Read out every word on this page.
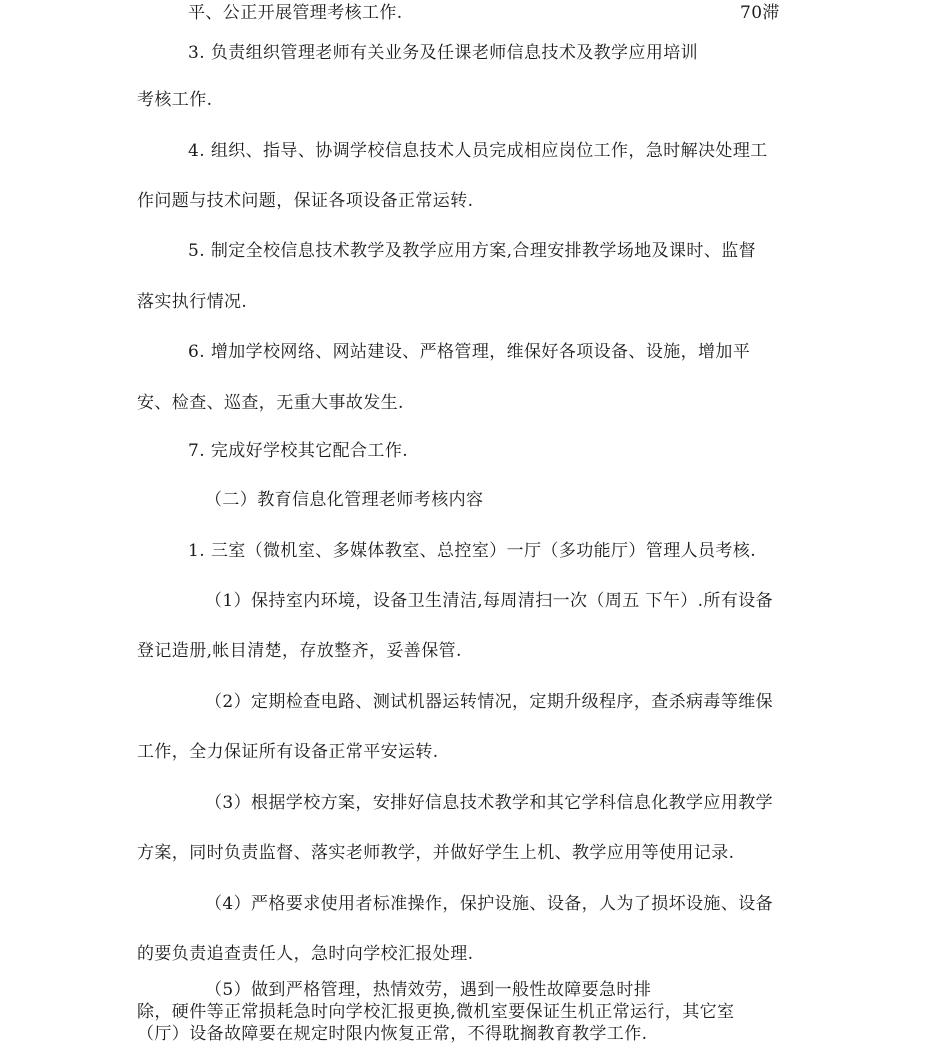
平、公正开展管理考核工作.	70滞
3. 负责组织管理老师有关业务及任课老师信息技术及教学应用培训
考核工作.
4. 组织、指导、协调学校信息技术人员完成相应岗位工作，急时解决处理工
作问题与技术问题，保证各项设备正常运转.
5. 制定全校信息技术教学及教学应用方案,合理安排教学场地及课时、监督
落实执行情况.
6. 增加学校网络、网站建设、严格管理，维保好各项设备、设施，增加平
安、检查、巡查，无重大事故发生.
7. 完成好学校其它配合工作.
（二）教育信息化管理老师考核内容
1. 三室（微机室、多媒体教室、总控室）一厅（多功能厅）管理人员考核.
（1）保持室内环境，设备卫生清洁,每周清扫一次（周五 下午）.所有设备
登记造册,帐目清楚，存放整齐，妥善保管.
（2）定期检查电路、测试机器运转情况，定期升级程序，查杀病毒等维保
工作，全力保证所有设备正常平安运转.
（3）根据学校方案，安排好信息技术教学和其它学科信息化教学应用教学
方案，同时负责监督、落实老师教学，并做好学生上机、教学应用等使用记录.
（4）严格要求使用者标准操作，保护设施、设备，人为了损坏设施、设备
的要负责追查责任人，急时向学校汇报处理.
（5）做到严格管理，热情效劳，遇到一般性故障要急时排
除，硬件等正常损耗急时向学校汇报更换,微机室要保证生机正常运行，其它室
（厅）设备故障要在规定时限内恢复正常，不得耽搁教育教学工作.
